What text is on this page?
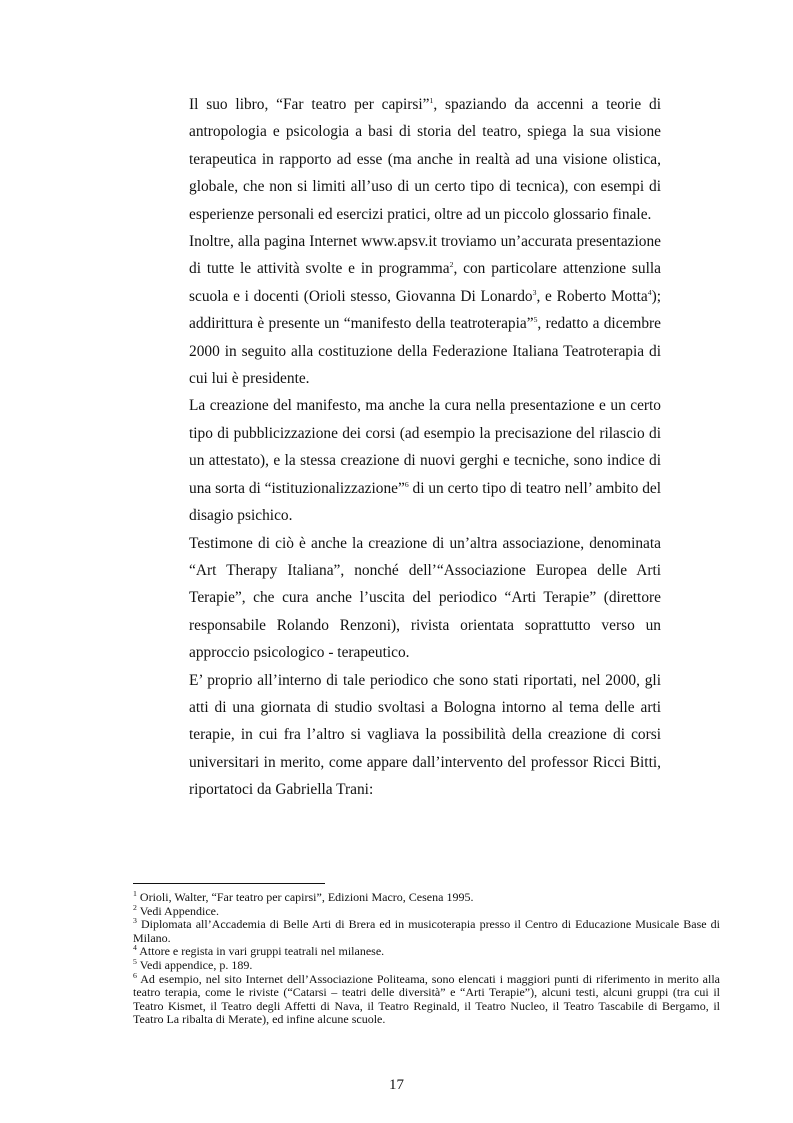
Il suo libro, “Far teatro per capirsi”$^1$, spaziando da accenni a teorie di antropologia e psicologia a basi di storia del teatro, spiega la sua visione terapeutica in rapporto ad esse (ma anche in realtà ad una visione olistica, globale, che non si limiti all’uso di un certo tipo di tecnica), con esempi di esperienze personali ed esercizi pratici, oltre ad un piccolo glossario finale.

Inoltre, alla pagina Internet www.apsv.it troviamo un’accurata presentazione di tutte le attività svolte e in programma$^2$, con particolare attenzione sulla scuola e i docenti (Orioli stesso, Giovanna Di Lonardo$^3$, e Roberto Motta$^4$); addirittura è presente un “manifesto della teatroterapia”$^5$, redatto a dicembre 2000 in seguito alla costituzione della Federazione Italiana Teatroterapia di cui lui è presidente.

La creazione del manifesto, ma anche la cura nella presentazione e un certo tipo di pubblicizzazione dei corsi (ad esempio la precisazione del rilascio di un attestato), e la stessa creazione di nuovi gerghi e tecniche, sono indice di una sorta di “istituzionalizzazione”$^6$ di un certo tipo di teatro nell’ ambito del disagio psichico.

Testimone di ciò è anche la creazione di un’altra associazione, denominata “Art Therapy Italiana”, nonché dell’“Associazione Europea delle Arti Terapie”, che cura anche l’uscita del periodico “Arti Terapie” (direttore responsabile Rolando Renzoni), rivista orientata soprattutto verso un approccio psicologico - terapeutico.

E’ proprio all’interno di tale periodico che sono stati riportati, nel 2000, gli atti di una giornata di studio svoltasi a Bologna intorno al tema delle arti terapie, in cui fra l’altro si vagliava la possibilità della creazione di corsi universitari in merito, come appare dall’intervento del professor Ricci Bitti, riportatoci da Gabriella Trani:

$^1$ Orioli, Walter, “Far teatro per capirsi”, Edizioni Macro, Cesena 1995.

$^2$ Vedi Appendice.

$^3$ Diplomata all’Accademia di Belle Arti di Brera ed in musicoterapia presso il Centro di Educazione Musicale Base di Milano.

$^4$ Attore e regista in vari gruppi teatrali nel milanese.

$^5$ Vedi appendice, p. 189.

$^6$ Ad esempio, nel sito Internet dell’Associazione Politeama, sono elencati i maggiori punti di riferimento in merito alla teatro terapia, come le riviste (“Catarsi – teatri delle diversità” e “Arti Terapie”), alcuni testi, alcuni gruppi (tra cui il Teatro Kismet, il Teatro degli Affetti di Nava, il Teatro Reginald, il Teatro Nucleo, il Teatro Tascabile di Bergamo, il Teatro La ribalta di Merate), ed infine alcune scuole.

17
